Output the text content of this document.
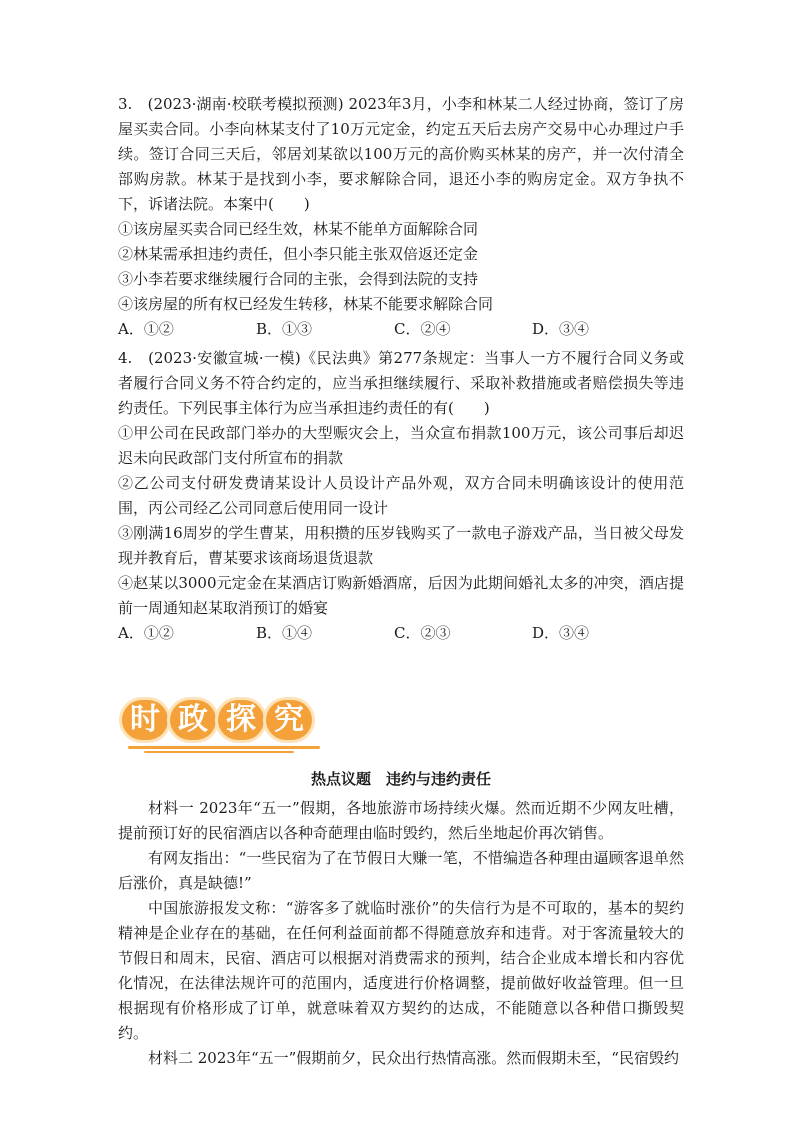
3.　(2023·湖南·校联考模拟预测) 2023年3月，小李和林某二人经过协商，签订了房屋买卖合同。小李向林某支付了10万元定金，约定五天后去房产交易中心办理过户手续。签订合同三天后，邻居刘某欲以100万元的高价购买林某的房产，并一次付清全部购房款。林某于是找到小李，要求解除合同，退还小李的购房定金。双方争执不下，诉诸法院。本案中(　　)

①该房屋买卖合同已经生效，林某不能单方面解除合同

②林某需承担违约责任，但小李只能主张双倍返还定金

③小李若要求继续履行合同的主张，会得到法院的支持

④该房屋的所有权已经发生转移，林某不能要求解除合同

A．①②	B．①③	C．②④	D．③④

4.　(2023·安徽宣城·一模)《民法典》第277条规定：当事人一方不履行合同义务或者履行合同义务不符合约定的，应当承担继续履行、采取补救措施或者赔偿损失等违约责任。下列民事主体行为应当承担违约责任的有(　　)

①甲公司在民政部门举办的大型赈灾会上，当众宣布捐款100万元，该公司事后却迟迟未向民政部门支付所宣布的捐款

②乙公司支付研发费请某设计人员设计产品外观，双方合同未明确该设计的使用范围，丙公司经乙公司同意后使用同一设计

③刚满16周岁的学生曹某，用积攒的压岁钱购买了一款电子游戏产品，当日被父母发现并教育后，曹某要求该商场退货退款

④赵某以3000元定金在某酒店订购新婚酒席，后因为此期间婚礼太多的冲突，酒店提前一周通知赵某取消预订的婚宴

A．①②	B．①④	C．②③	D．③④
时 政 探 究

热点议题　违约与违约责任

材料一 2023年“五一”假期，各地旅游市场持续火爆。然而近期不少网友吐槽，提前预订好的民宿酒店以各种奇葩理由临时毁约，然后坐地起价再次销售。

有网友指出：“一些民宿为了在节假日大赚一笔，不惜编造各种理由逼顾客退单然后涨价，真是缺德!”

中国旅游报发文称：“游客多了就临时涨价”的失信行为是不可取的，基本的契约精神是企业存在的基础，在任何利益面前都不得随意放弃和违背。对于客流量较大的节假日和周末，民宿、酒店可以根据对消费需求的预判，结合企业成本增长和内容优化情况，在法律法规许可的范围内，适度进行价格调整，提前做好收益管理。但一旦根据现有价格形成了订单，就意味着双方契约的达成，不能随意以各种借口撕毁契约。

材料二 2023年“五一”假期前夕，民众出行热情高涨。然而假期未至，“民宿毁约
